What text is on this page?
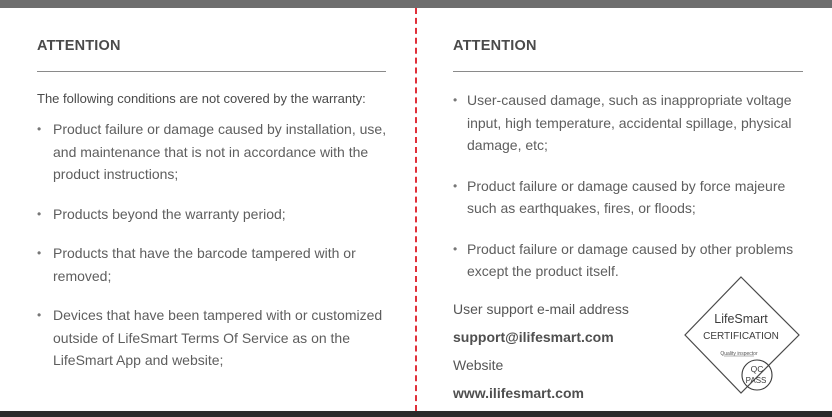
ATTENTION
The following conditions are not covered by the warranty:
• Product failure or damage caused by installation, use, and maintenance that is not in accordance with the product instructions;
• Products beyond the warranty period;
• Products that have the barcode tampered with or removed;
• Devices that have been tampered with or customized outside of LifeSmart Terms Of Service as on the LifeSmart App and website;
ATTENTION
• User-caused damage, such as inappropriate voltage input, high temperature, accidental spillage, physical damage, etc;
• Product failure or damage caused by force majeure such as earthquakes, fires, or floods;
• Product failure or damage caused by other problems except the product itself.
User support e-mail address
support@ilifesmart.com
Website
www.ilifesmart.com
LifeSmart
CERTIFICATION
Quality inspector
QC
PASS
